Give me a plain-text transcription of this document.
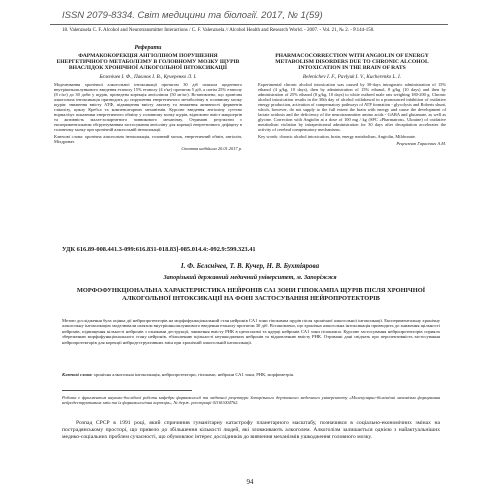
ISSN 2079-8334. Світ медицини та біології. 2017, № 1(59)
18. Valenzuela C. F. Alcohol and Neurotransmitter Interactions / C. F. Valenzuela // Alcohol Health and Research World. - 2007. - Vol. 21, № 2. - P.144-150.
Реферати
ФАРМАКОКОРЕКЦІЯ АНГІОЛІНОМ ПОРУШЕННЯ ЕНЕРГЕТИЧНОГО МЕТАБОЛІЗМУ В ГОЛОВНОМУ МОЗКУ ЩУРІВ ВНАСЛІДОК ХРОНІЧНОЇ АЛКОГОЛЬНОЇ ІНТОКСИКАЦІЇ
Бєлєнічев І. Ф., Павлюк І. В., Кучеренко Л. І.
Моделювання хронічної алкогольної інтоксикації протягом 30 діб шляхом щоденного внутрішньошлункового введення етанолу 15% етанолу (4 г/кг) протягом 5 діб, а потім 25% етанолу (8 г/кг) до 30 доби у щурів, проведена корекція ангіоліном (50 мг/кг). Встановлено, що хронічна алкогольна інтоксикація призводить до порушення енергетичного метаболізму в головному мозку щурів: зниження вмісту АТФ, підвищення вмісту лактату та зниження активності ферментів гліколізу, циклу Кребса та компенсаторних механізмів. Курсове введення ангіоліну суттєво нормалізує показники енергетичного обміну у головному мозку щурів, відновлює вміст макроергів та активність малат-аспартатного човникового механізму. Отримані результати є експериментальним обґрунтуванням застосування ангіоліну для корекції енергетичного дефіциту в головному мозку при хронічній алкогольній інтоксикації.
Ключові слова: хронічна алкогольна інтоксикація, головний мозок, енергетичний обмін, ангіолін, Мілдронат.
Стаття надійшла 20.01.2017 р.

PHARMACOCORRECTION WITH ANGIOLIN OF ENERGY METABOLISM DISORDERS DUE TO CHRONIC ALCOHOL INTOXICATION IN THE BRAIN OF RATS
Belenichev I. F., Pavlyuk I. V., Kucherenko L. I.
Experimental chronic alcohol intoxication was caused by 30-days intragastric administration of 15% ethanol (4 g/kg, 10 days), then by administration of 15% ethanol, 8 g/kg (10 days) and then by administration of 25% ethanol (8 g/kg, 10 days) to white outbred male rats weighing 180-200 g. Chronic alcohol intoxication results in the 30th day of alcohol withdrawal in a pronounced inhibition of oxidative energy production, activation of compensatory pathways of ATP formation - glycolysis and Roberts shunt, which, however, do not supply to the full extent the brain with energy and cause the development of lactate acidosis and the deficiency of the neurotransmitter amino acids - GABA and glutamate, as well as glycine. Correction with Angiolin at a dose of 100 mg / kg (SPC «Pharmatron», Ukraine) of oxidative metabolism violation by intraperitoneal administration for 30 days after decapitation accelerates the activity of cerebral compensatory mechanisms.
Key words: chronic alcohol intoxication, brain, energy metabolism, Angiolin, Mildronate.
Рецензент Гарасевич А.М.
УДК 616.89-008.441.3-099:616.831-018.83]-085.014.4:-092.9:599.323.41
І. Ф. Бєлєнічев, Т. В. Кучер, Н. В. Бухтіярова
Запорізький державний медичний університет, м. Запоріжжя
МОРФОФУНКЦІОНАЛЬНА ХАРАКТЕРИСТИКА НЕЙРОНІВ СА1 ЗОНИ ГІПОКАМПА ЩУРІВ ПІСЛЯ ХРОНІЧНОЇ АЛКОГОЛЬНОЇ ІНТОКСИКАЦІЇ НА ФОНІ ЗАСТОСУВАННЯ НЕЙРОПРОТЕКТОРІВ
Метою дослідження була оцінка дії нейропротекторів на морфофункціональний стан нейронів СА1 зони гіпокампа щурів після хронічної алкогольної інтоксикації. Експериментальну хронічну алкогольну інтоксикацію моделювали шляхом внутрішньошлункового введення етанолу протягом 30 діб. Встановлено, що хронічна алкогольна інтоксикація призводить до зниження щільності нейронів, підвищення кількості нейронів з ознаками деструкції, зниження вмісту РНК в цитоплазмі та ядерці нейронів СА1 зони гіпокампа. Курсове застосування нейропротекторів сприяло збереженню морфофункціонального стану нейронів, збільшенню щільності неушкоджених нейронів та відновленню вмісту РНК. Отримані дані свідчать про перспективність застосування нейропротекторів для корекції нейродеструктивних змін при хронічній алкогольній інтоксикації.
Ключові слова: хронічна алкогольна інтоксикація, нейропротектори, гіпокамп, нейрони СА1 зони, РНК, морфометрія.
Робота є фрагментом науково-дослідної роботи кафедри фармакології та медичної рецептури Запорізького державного медичного університету «Молекулярно-біохімічні механізми формування нейродеструктивних змін та їх фармакологічна корекція», № держ. реєстрації 0116U004762.
Розпад СРСР в 1991 році, який спричинив гуманітарну катастрофу планетарного масштабу, позначився в соціально-економічних змінах на пострадянському просторі, що привело до збільшення кількості людей, які зловживають алкоголем. Алкоголізм залишається однією з найактуальніших медико-соціальних проблем сучасності, що обумовлює інтерес дослідників до вивчення механізмів ушкодження головного мозку.
94
